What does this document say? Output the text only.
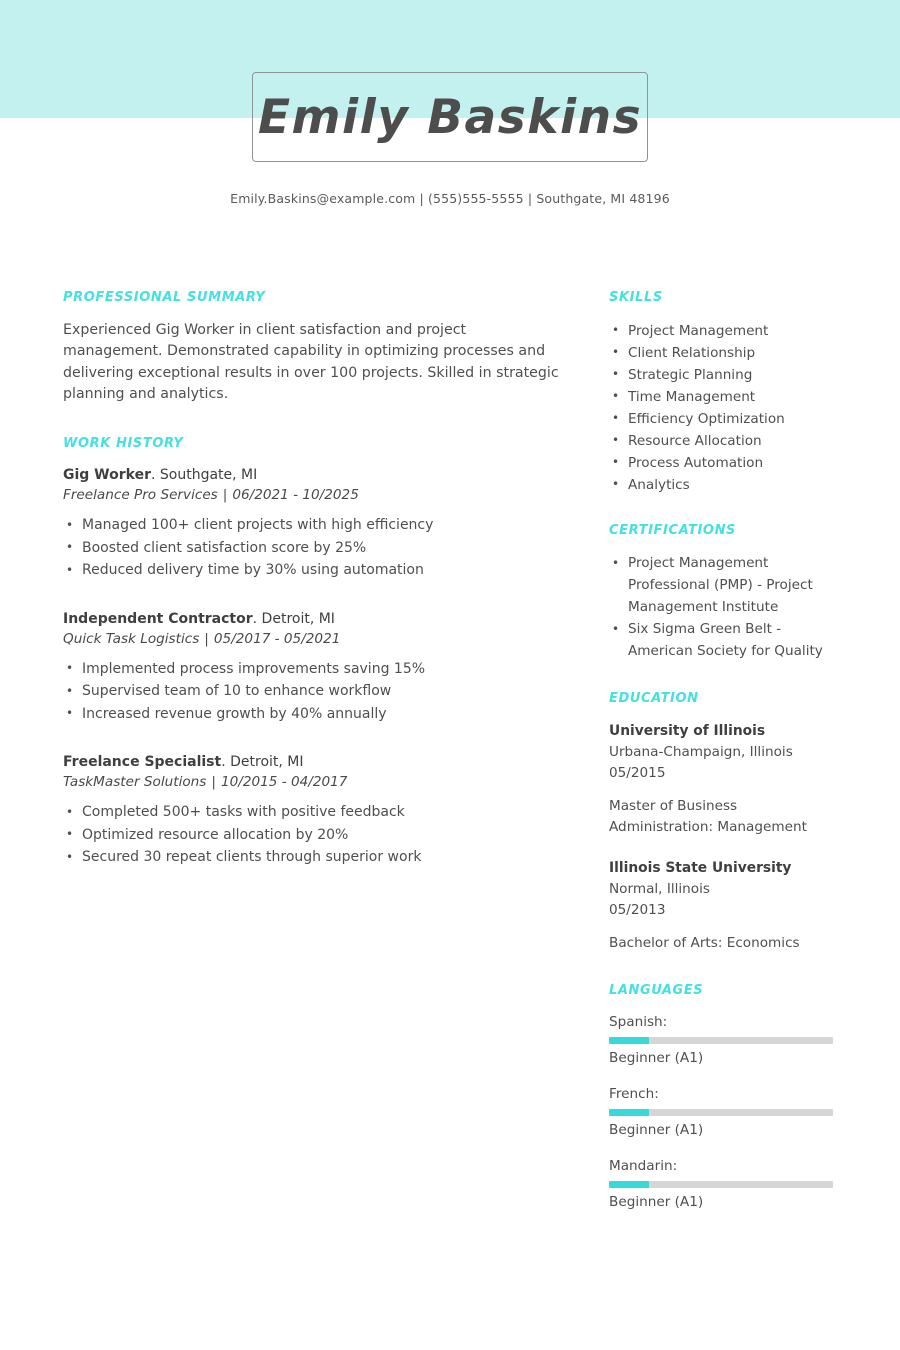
Emily Baskins
Emily.Baskins@example.com | (555)555-5555 | Southgate, MI 48196
PROFESSIONAL SUMMARY

Experienced Gig Worker in client satisfaction and project management. Demonstrated capability in optimizing processes and delivering exceptional results in over 100 projects. Skilled in strategic planning and analytics.

WORK HISTORY
Gig Worker. Southgate, MI
Freelance Pro Services | 06/2021 - 10/2025
• Managed 100+ client projects with high efficiency
• Boosted client satisfaction score by 25%
• Reduced delivery time by 30% using automation
Independent Contractor. Detroit, MI
Quick Task Logistics | 05/2017 - 05/2021
• Implemented process improvements saving 15%
• Supervised team of 10 to enhance workflow
• Increased revenue growth by 40% annually
Freelance Specialist. Detroit, MI
TaskMaster Solutions | 10/2015 - 04/2017
• Completed 500+ tasks with positive feedback
• Optimized resource allocation by 20%
• Secured 30 repeat clients through superior work
SKILLS
• Project Management
• Client Relationship
• Strategic Planning
• Time Management
• Efficiency Optimization
• Resource Allocation
• Process Automation
• Analytics
CERTIFICATIONS
• Project Management Professional (PMP) - Project Management Institute
• Six Sigma Green Belt - American Society for Quality
EDUCATION
University of Illinois
Urbana-Champaign, Illinois
05/2015
Master of Business Administration: Management
Illinois State University
Normal, Illinois
05/2013
Bachelor of Arts: Economics
LANGUAGES
Spanish:
Beginner (A1)
French:
Beginner (A1)
Mandarin:
Beginner (A1)
